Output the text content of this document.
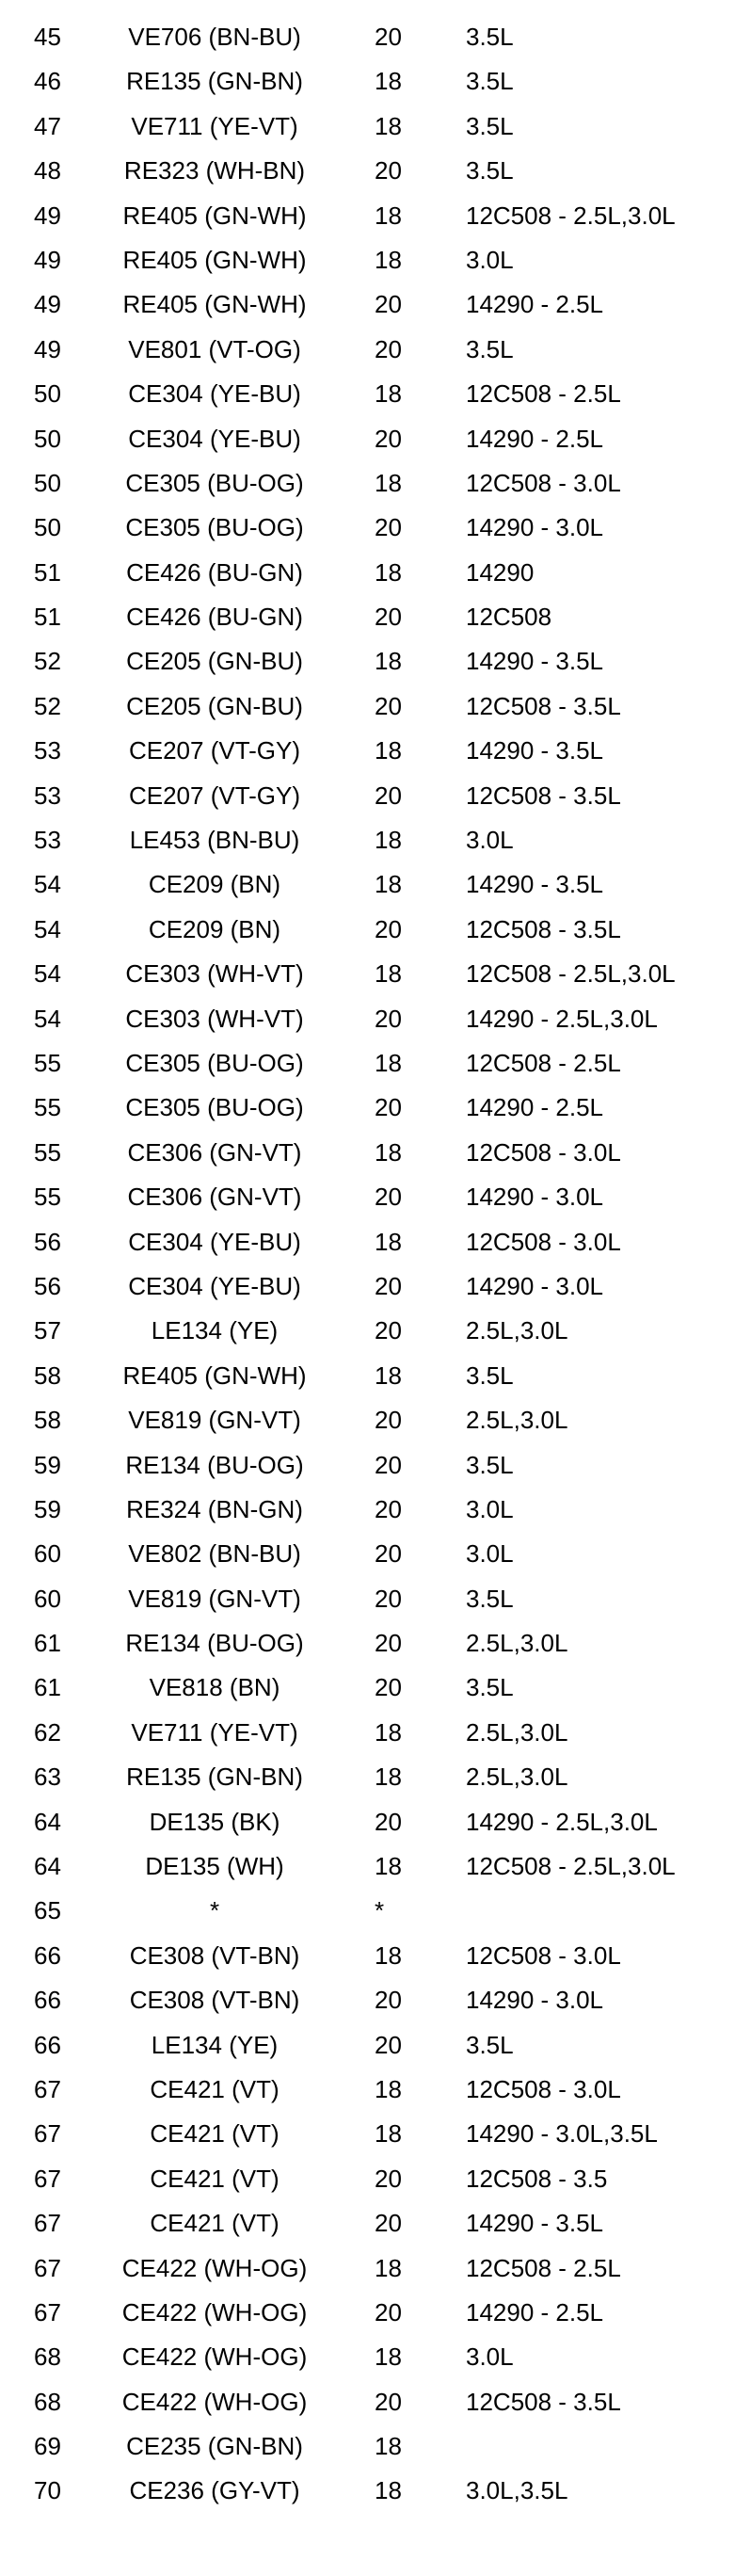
45	VE706 (BN-BU)	20	3.5L
46	RE135 (GN-BN)	18	3.5L
47	VE711 (YE-VT)	18	3.5L
48	RE323 (WH-BN)	20	3.5L
49	RE405 (GN-WH)	18	12C508 - 2.5L,3.0L
49	RE405 (GN-WH)	18	3.0L
49	RE405 (GN-WH)	20	14290 - 2.5L
49	VE801 (VT-OG)	20	3.5L
50	CE304 (YE-BU)	18	12C508 - 2.5L
50	CE304 (YE-BU)	20	14290 - 2.5L
50	CE305 (BU-OG)	18	12C508 - 3.0L
50	CE305 (BU-OG)	20	14290 - 3.0L
51	CE426 (BU-GN)	18	14290
51	CE426 (BU-GN)	20	12C508
52	CE205 (GN-BU)	18	14290 - 3.5L
52	CE205 (GN-BU)	20	12C508 - 3.5L
53	CE207 (VT-GY)	18	14290 - 3.5L
53	CE207 (VT-GY)	20	12C508 - 3.5L
53	LE453 (BN-BU)	18	3.0L
54	CE209 (BN)	18	14290 - 3.5L
54	CE209 (BN)	20	12C508 - 3.5L
54	CE303 (WH-VT)	18	12C508 - 2.5L,3.0L
54	CE303 (WH-VT)	20	14290 - 2.5L,3.0L
55	CE305 (BU-OG)	18	12C508 - 2.5L
55	CE305 (BU-OG)	20	14290 - 2.5L
55	CE306 (GN-VT)	18	12C508 - 3.0L
55	CE306 (GN-VT)	20	14290 - 3.0L
56	CE304 (YE-BU)	18	12C508 - 3.0L
56	CE304 (YE-BU)	20	14290 - 3.0L
57	LE134 (YE)	20	2.5L,3.0L
58	RE405 (GN-WH)	18	3.5L
58	VE819 (GN-VT)	20	2.5L,3.0L
59	RE134 (BU-OG)	20	3.5L
59	RE324 (BN-GN)	20	3.0L
60	VE802 (BN-BU)	20	3.0L
60	VE819 (GN-VT)	20	3.5L
61	RE134 (BU-OG)	20	2.5L,3.0L
61	VE818 (BN)	20	3.5L
62	VE711 (YE-VT)	18	2.5L,3.0L
63	RE135 (GN-BN)	18	2.5L,3.0L
64	DE135 (BK)	20	14290 - 2.5L,3.0L
64	DE135 (WH)	18	12C508 - 2.5L,3.0L
65	*	*
66	CE308 (VT-BN)	18	12C508 - 3.0L
66	CE308 (VT-BN)	20	14290 - 3.0L
66	LE134 (YE)	20	3.5L
67	CE421 (VT)	18	12C508 - 3.0L
67	CE421 (VT)	18	14290 - 3.0L,3.5L
67	CE421 (VT)	20	12C508 - 3.5
67	CE421 (VT)	20	14290 - 3.5L
67	CE422 (WH-OG)	18	12C508 - 2.5L
67	CE422 (WH-OG)	20	14290 - 2.5L
68	CE422 (WH-OG)	18	3.0L
68	CE422 (WH-OG)	20	12C508 - 3.5L
69	CE235 (GN-BN)	18
70	CE236 (GY-VT)	18	3.0L,3.5L
